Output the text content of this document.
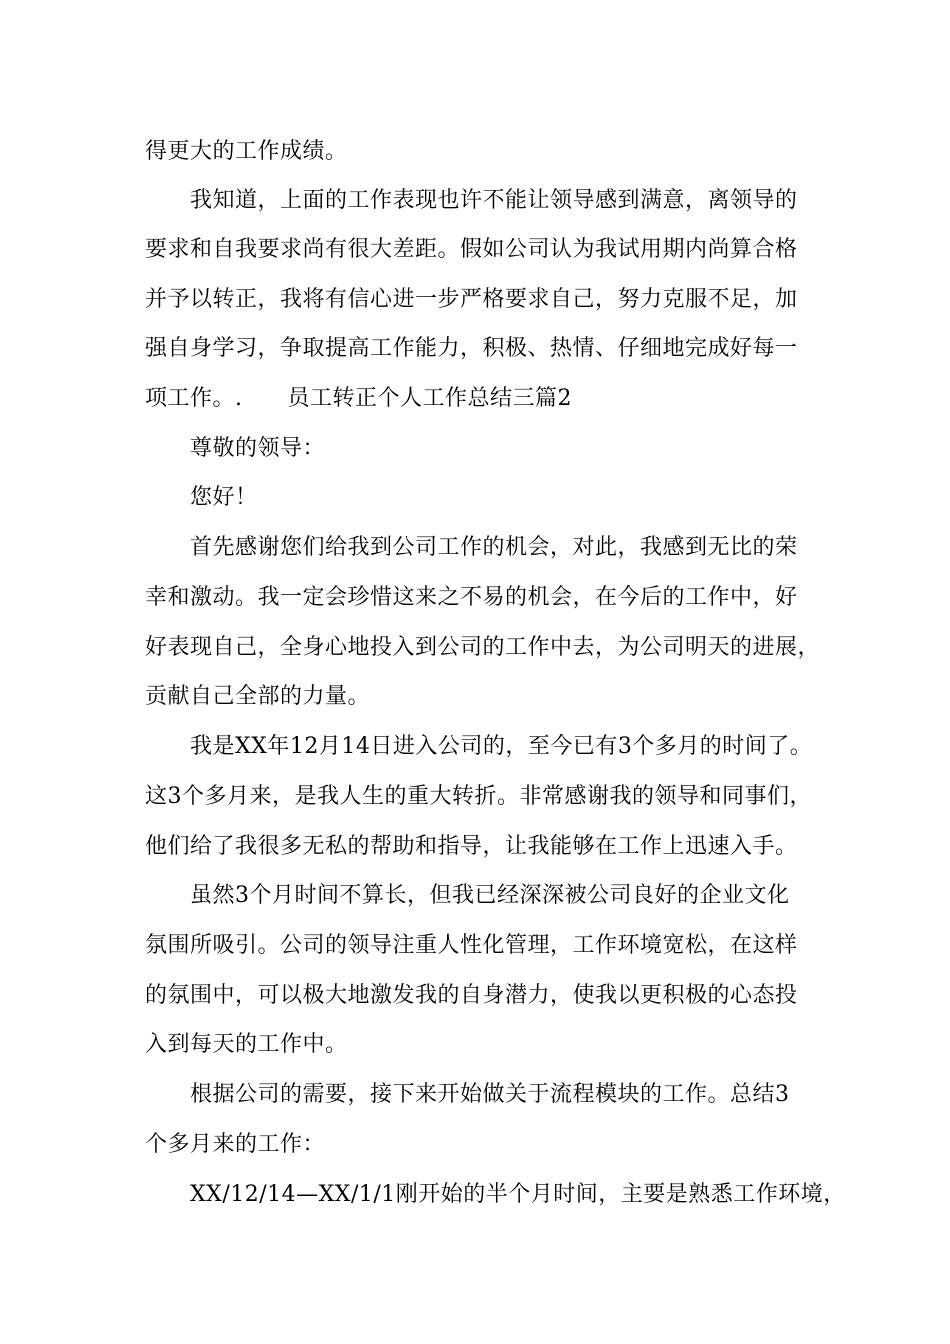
得更大的工作成绩。
我知道，上面的工作表现也许不能让领导感到满意，离领导的
要求和自我要求尚有很大差距。假如公司认为我试用期内尚算合格
并予以转正，我将有信心进一步严格要求自己，努力克服不足，加
强自身学习，争取提高工作能力，积极、热情、仔细地完成好每一
项工作。.      员工转正个人工作总结三篇2
尊敬的领导：
您好！
首先感谢您们给我到公司工作的机会，对此，我感到无比的荣
幸和激动。我一定会珍惜这来之不易的机会，在今后的工作中，好
好表现自己，全身心地投入到公司的工作中去，为公司明天的进展，
贡献自己全部的力量。
我是XX年12月14日进入公司的，至今已有3个多月的时间了。
这3个多月来，是我人生的重大转折。非常感谢我的领导和同事们，
他们给了我很多无私的帮助和指导，让我能够在工作上迅速入手。
虽然3个月时间不算长，但我已经深深被公司良好的企业文化
氛围所吸引。公司的领导注重人性化管理，工作环境宽松，在这样
的氛围中，可以极大地激发我的自身潜力，使我以更积极的心态投
入到每天的工作中。
根据公司的需要，接下来开始做关于流程模块的工作。总结3
个多月来的工作：
XX/12/14—XX/1/1刚开始的半个月时间，主要是熟悉工作环境，
